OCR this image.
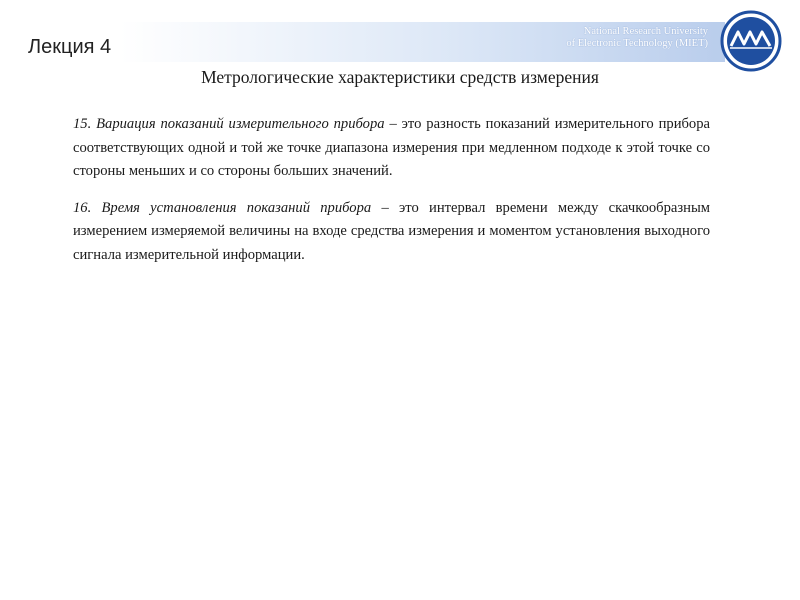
Лекция 4
National Research University
of Electronic Technology (MIET)
Метрологические характеристики средств измерения

15. Вариация показаний измерительного прибора – это разность показаний измерительного прибора соответствующих одной и той же точке диапазона измерения при медленном подходе к этой точке со стороны меньших и со стороны больших значений.

16. Время установления показаний прибора – это интервал времени между скачкообразным измерением измеряемой величины на входе средства измерения и моментом установления выходного сигнала измерительной информации.
